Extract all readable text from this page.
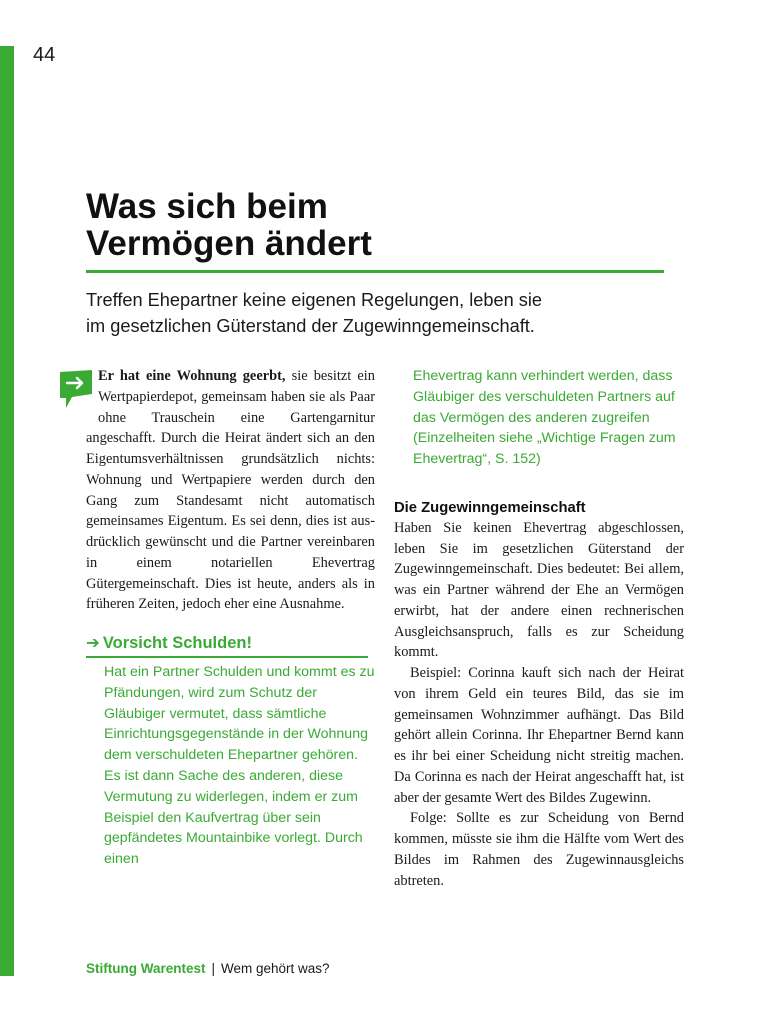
44
Was sich beim
Vermögen ändert

Treffen Ehepartner keine eigenen Regelungen, leben sie
im gesetzlichen Güterstand der Zugewinngemeinschaft.

Er hat eine Wohnung geerbt, sie besitzt ein Wertpapierdepot, gemeinsam haben sie als Paar ohne Trauschein eine Gartengarnitur angeschafft. Durch die Heirat ändert sich an den Eigentumsverhältnissen grundsätzlich nichts: Wohnung und Wertpapiere werden durch den Gang zum Standesamt nicht automatisch gemeinsames Eigentum. Es sei denn, dies ist ausdrücklich gewünscht und die Partner vereinbaren in einem notariellen Ehevertrag Gütergemeinschaft. Dies ist heute, anders als in früheren Zeiten, jedoch eher eine Ausnahme.

➔ Vorsicht Schulden!

Hat ein Partner Schulden und kommt es zu Pfändungen, wird zum Schutz der Gläubiger vermutet, dass sämtliche Einrichtungsgegenstände in der Wohnung dem verschuldeten Ehepartner gehören. Es ist dann Sache des anderen, diese Vermutung zu widerlegen, indem er zum Beispiel den Kaufvertrag über sein gepfändetes Mountainbike vorlegt. Durch einen

Ehevertrag kann verhindert werden, dass Gläubiger des verschuldeten Partners auf das Vermögen des anderen zugreifen (Einzelheiten siehe „Wichtige Fragen zum Ehevertrag“, S. 152)

Die Zugewinngemeinschaft

Haben Sie keinen Ehevertrag abgeschlossen, leben Sie im gesetzlichen Güterstand der Zugewinngemeinschaft. Dies bedeutet: Bei allem, was ein Partner während der Ehe an Vermögen erwirbt, hat der andere einen rechnerischen Ausgleichsanspruch, falls es zur Scheidung kommt.

Beispiel: Corinna kauft sich nach der Heirat von ihrem Geld ein teures Bild, das sie im gemeinsamen Wohnzimmer aufhängt. Das Bild gehört allein Corinna. Ihr Ehepartner Bernd kann es ihr bei einer Scheidung nicht streitig machen. Da Corinna es nach der Heirat angeschafft hat, ist aber der gesamte Wert des Bildes Zugewinn.

Folge: Sollte es zur Scheidung von Bernd kommen, müsste sie ihm die Hälfte vom Wert des Bildes im Rahmen des Zugewinnausgleichs abtreten.

Stiftung Warentest | Wem gehört was?
